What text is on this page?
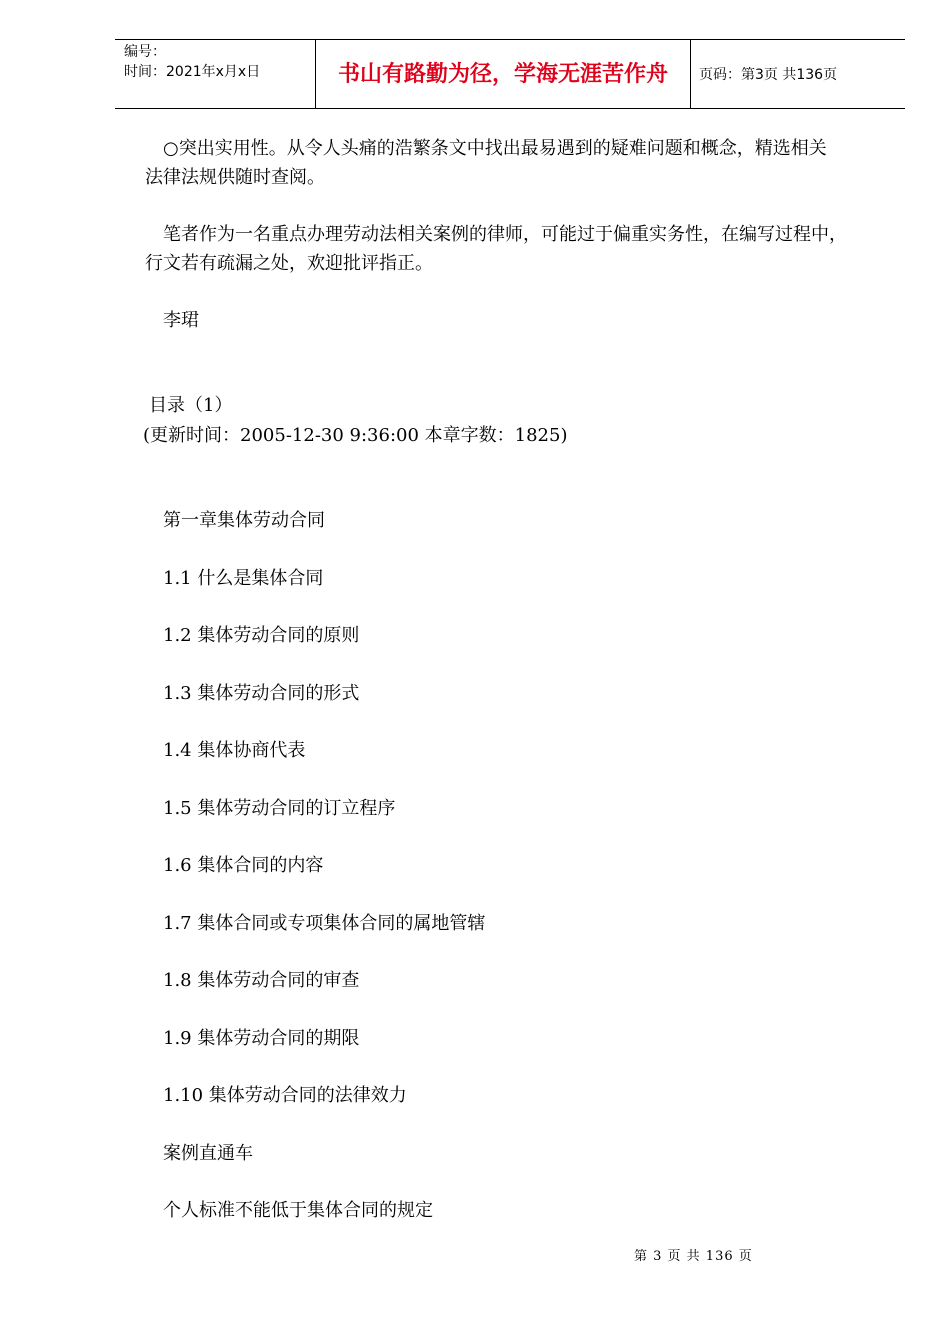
编号：
时间：2021年x月x日	书山有路勤为径，学海无涯苦作舟	页码：第3页 共136页
○突出实用性。从令人头痛的浩繁条文中找出最易遇到的疑难问题和概念，精选相关
法律法规供随时查阅。
笔者作为一名重点办理劳动法相关案例的律师，可能过于偏重实务性，在编写过程中，
行文若有疏漏之处，欢迎批评指正。
李珺
目录（1）
(更新时间：2005-12-30 9:36:00 本章字数：1825)
第一章集体劳动合同
1.1 什么是集体合同
1.2 集体劳动合同的原则
1.3 集体劳动合同的形式
1.4 集体协商代表
1.5 集体劳动合同的订立程序
1.6 集体合同的内容
1.7 集体合同或专项集体合同的属地管辖
1.8 集体劳动合同的审查
1.9 集体劳动合同的期限
1.10 集体劳动合同的法律效力
案例直通车
个人标准不能低于集体合同的规定
第 3 页 共 136 页
